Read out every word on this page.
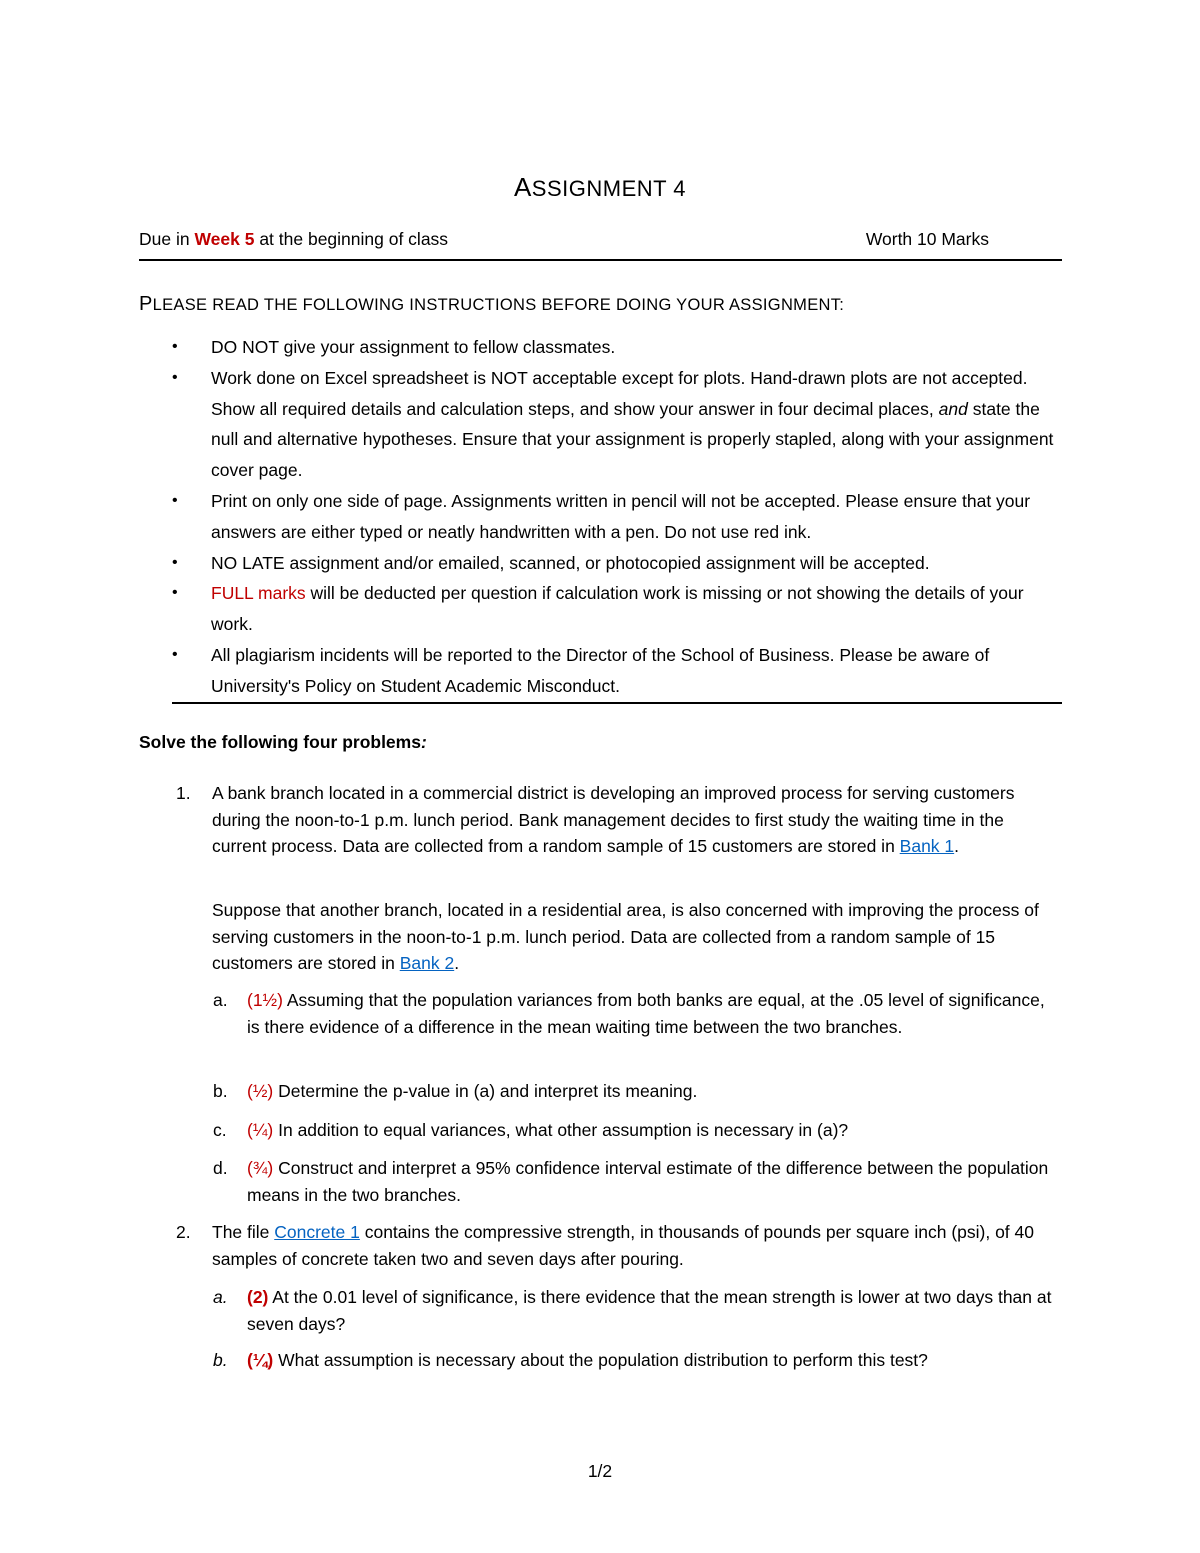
ASSIGNMENT 4
Due in Week 5 at the beginning of class	Worth 10 Marks
PLEASE READ THE FOLLOWING INSTRUCTIONS BEFORE DOING YOUR ASSIGNMENT:
• DO NOT give your assignment to fellow classmates.
• Work done on Excel spreadsheet is NOT acceptable except for plots. Hand-drawn plots are not accepted. Show all required details and calculation steps, and show your answer in four decimal places, and state the null and alternative hypotheses. Ensure that your assignment is properly stapled, along with your assignment cover page.
• Print on only one side of page. Assignments written in pencil will not be accepted. Please ensure that your answers are either typed or neatly handwritten with a pen. Do not use red ink.
• NO LATE assignment and/or emailed, scanned, or photocopied assignment will be accepted.
• FULL marks will be deducted per question if calculation work is missing or not showing the details of your work.
• All plagiarism incidents will be reported to the Director of the School of Business. Please be aware of University's Policy on Student Academic Misconduct.
Solve the following four problems:
1. A bank branch located in a commercial district is developing an improved process for serving customers during the noon-to-1 p.m. lunch period. Bank management decides to first study the waiting time in the current process. Data are collected from a random sample of 15 customers are stored in Bank 1.
Suppose that another branch, located in a residential area, is also concerned with improving the process of serving customers in the noon-to-1 p.m. lunch period. Data are collected from a random sample of 15 customers are stored in Bank 2.
a. (1½) Assuming that the population variances from both banks are equal, at the .05 level of significance, is there evidence of a difference in the mean waiting time between the two branches.
b. (½) Determine the p-value in (a) and interpret its meaning.
c. (¼) In addition to equal variances, what other assumption is necessary in (a)?
d. (¾) Construct and interpret a 95% confidence interval estimate of the difference between the population means in the two branches.
2. The file Concrete 1 contains the compressive strength, in thousands of pounds per square inch (psi), of 40 samples of concrete taken two and seven days after pouring.
a. (2) At the 0.01 level of significance, is there evidence that the mean strength is lower at two days than at seven days?
b. (¼) What assumption is necessary about the population distribution to perform this test?
1/2
